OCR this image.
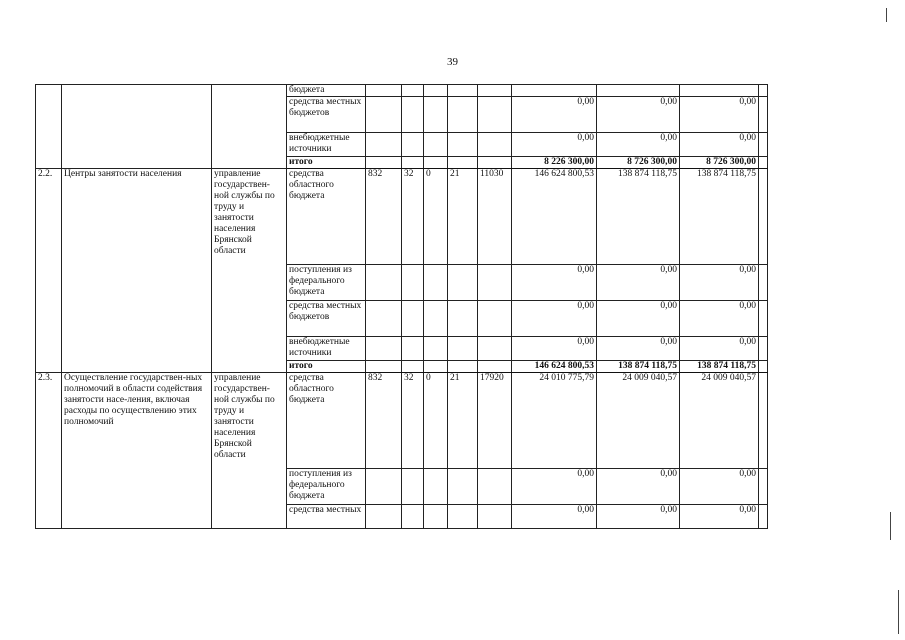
39
			бюджета									
			средства местных бюджетов						0,00	0,00	0,00	
			внебюджетные источники						0,00	0,00	0,00	
			итого						8 226 300,00	8 726 300,00	8 726 300,00	
2.2.	Центры занятости населения	управление государствен-ной службы по труду и занятости населения Брянской области	средства областного бюджета	832	32	0	21	11030	146 624 800,53	138 874 118,75	138 874 118,75	
			поступления из федерального бюджета						0,00	0,00	0,00	
			средства местных бюджетов						0,00	0,00	0,00	
			внебюджетные источники						0,00	0,00	0,00	
			итого						146 624 800,53	138 874 118,75	138 874 118,75	
2.3.	Осуществление государствен-ных полномочий в области содействия занятости насе-ления, включая расходы по осуществлению этих полномочий	управление государствен-ной службы по труду и занятости населения Брянской области	средства областного бюджета	832	32	0	21	17920	24 010 775,79	24 009 040,57	24 009 040,57	
			поступления из федерального бюджета						0,00	0,00	0,00	
			средства местных						0,00	0,00	0,00	
